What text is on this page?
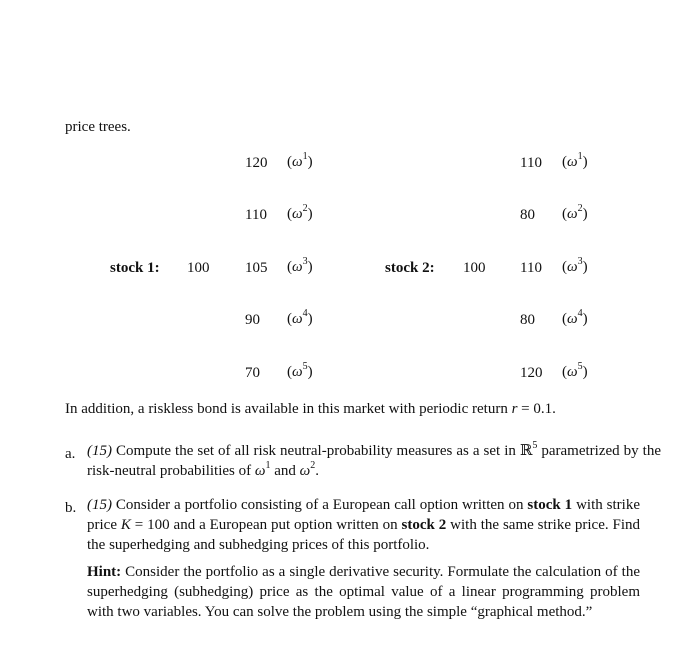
price trees.
stock 1: 100
120 $(\omega^1)$
110 $(\omega^2)$
105 $(\omega^3)$
90 $(\omega^4)$
70 $(\omega^5)$
stock 2: 100
110 $(\omega^1)$
80 $(\omega^2)$
110 $(\omega^3)$
80 $(\omega^4)$
120 $(\omega^5)$
In addition, a riskless bond is available in this market with periodic return r = 0.1.
a. (15) Compute the set of all risk neutral-probability measures as a set in ℝ$^5$ parametrized by the risk-neutral probabilities of $\omega^1$ and $\omega^2$.
b. (15) Consider a portfolio consisting of a European call option written on stock 1 with strike price K = 100 and a European put option written on stock 2 with the same strike price. Find the superhedging and subhedging prices of this portfolio.
Hint: Consider the portfolio as a single derivative security. Formulate the calculation of the superhedging (subhedging) price as the optimal value of a linear programming problem with two variables. You can solve the problem using the simple “graphical method.”
